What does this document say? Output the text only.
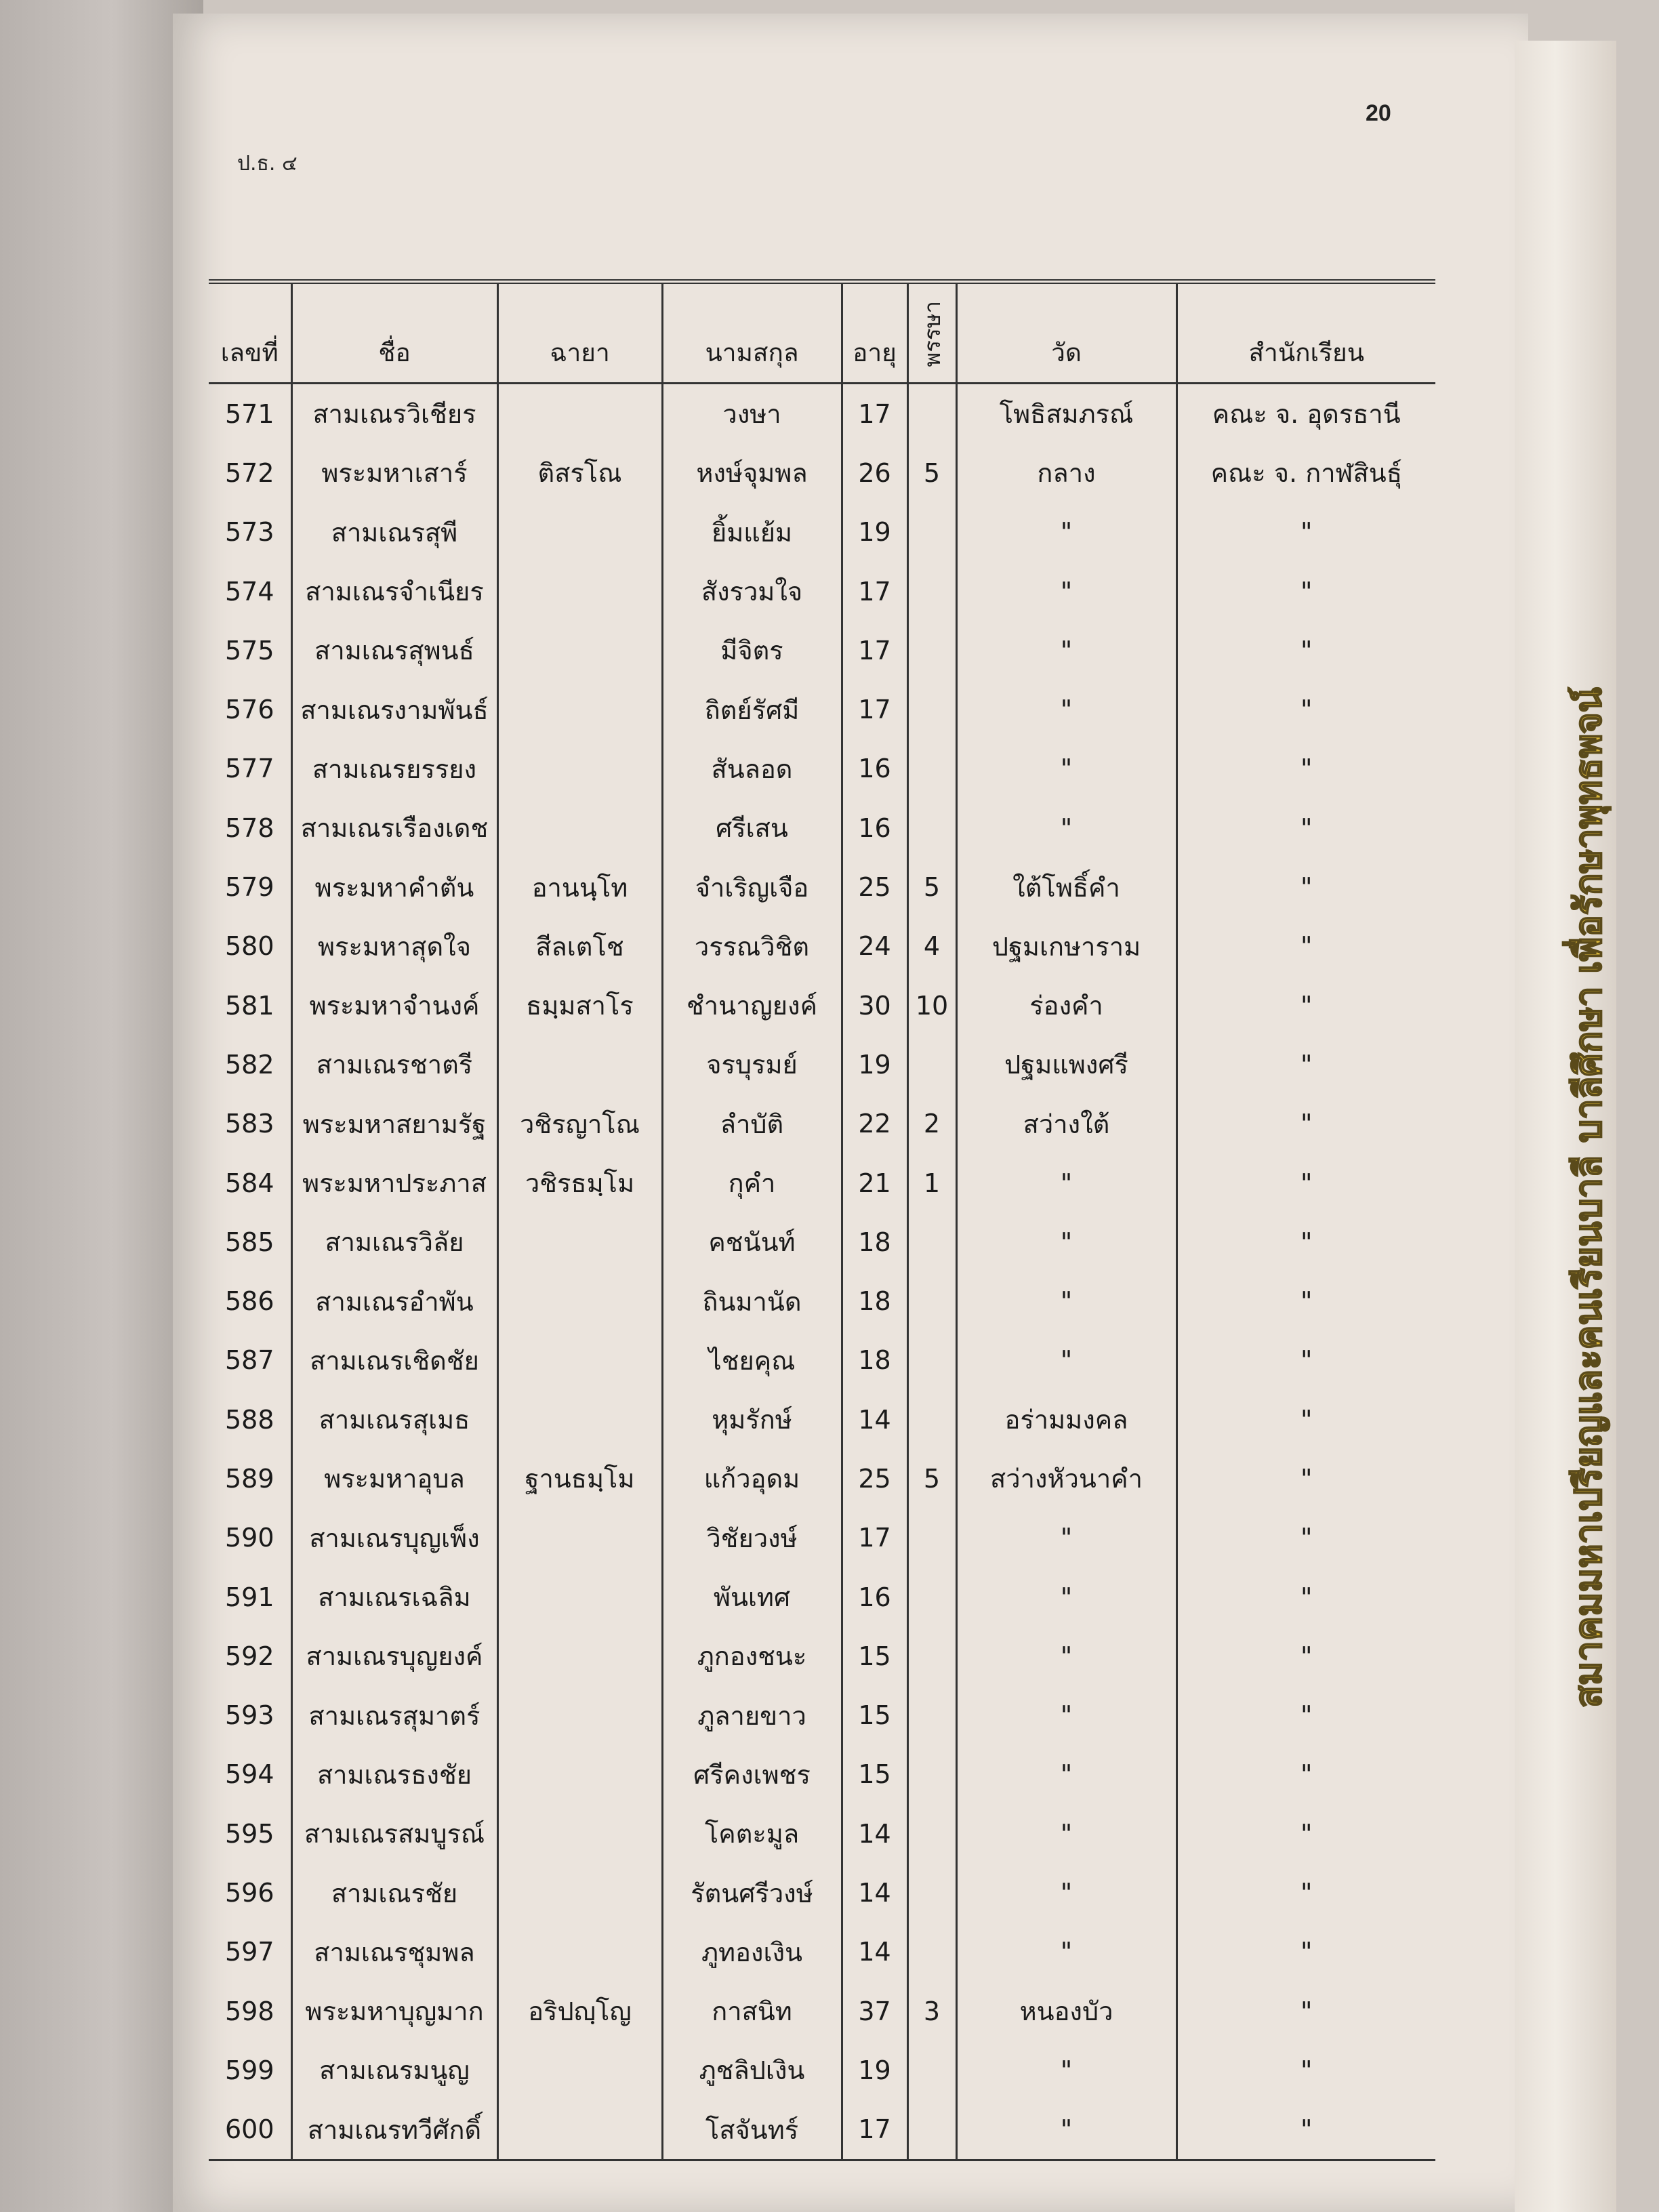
20
ป.ธ. ๔
เลขที่	ชื่อ	ฉายา	นามสกุล	อายุ	พรรษา	วัด	สำนักเรียน
571	สามเณรวิเชียร		วงษา	17		โพธิสมภรณ์	คณะ จ. อุดรธานี
572	พระมหาเสาร์	ติสรโณ	หงษ์จุมพล	26	5	กลาง	คณะ จ. กาฬสินธุ์
573	สามเณรสุพี		ยิ้มแย้ม	19		"	"
574	สามเณรจำเนียร		สังรวมใจ	17		"	"
575	สามเณรสุพนธ์		มีจิตร	17		"	"
576	สามเณรงามพันธ์		ถิตย์รัศมี	17		"	"
577	สามเณรยรรยง		สันลอด	16		"	"
578	สามเณรเรืองเดช		ศรีเสน	16		"	"
579	พระมหาคำตัน	อานนฺโท	จำเริญเจือ	25	5	ใต้โพธิ์คำ	"
580	พระมหาสุดใจ	สีลเตโช	วรรณวิชิต	24	4	ปฐมเกษาราม	"
581	พระมหาจำนงค์	ธมฺมสาโร	ชำนาญยงค์	30	10	ร่องคำ	"
582	สามเณรชาตรี		จรบุรมย์	19		ปฐมแพงศรี	"
583	พระมหาสยามรัฐ	วชิรญาโณ	ลำบัติ	22	2	สว่างใต้	"
584	พระมหาประภาส	วชิรธมฺโม	กุคำ	21	1	"	"
585	สามเณรวิลัย		คชนันท์	18		"	"
586	สามเณรอำพัน		ถินมานัด	18		"	"
587	สามเณรเชิดชัย		ไชยคุณ	18		"	"
588	สามเณรสุเมธ		หุมรักษ์	14		อร่ามมงคล	"
589	พระมหาอุบล	ฐานธมฺโม	แก้วอุดม	25	5	สว่างหัวนาคำ	"
590	สามเณรบุญเพ็ง		วิชัยวงษ์	17		"	"
591	สามเณรเฉลิม		พันเทศ	16		"	"
592	สามเณรบุญยงค์		ภูกองชนะ	15		"	"
593	สามเณรสุมาตร์		ภูลายขาว	15		"	"
594	สามเณรธงชัย		ศรีคงเพชร	15		"	"
595	สามเณรสมบูรณ์		โคตะมูล	14		"	"
596	สามเณรชัย		รัตนศรีวงษ์	14		"	"
597	สามเณรชุมพล		ภูทองเงิน	14		"	"
598	พระมหาบุญมาก	อริปญฺโญ	กาสนิท	37	3	หนองบัว	"
599	สามเณรมนูญ		ภูชลิปเงิน	19		"	"
600	สามเณรทวีศักดิ์		โสจันทร์	17		"	"
สมาคมมหาเปรียญและคนเรียนบาลี บาลีศึกษา เพื่อรักษาพุทธพจน์
